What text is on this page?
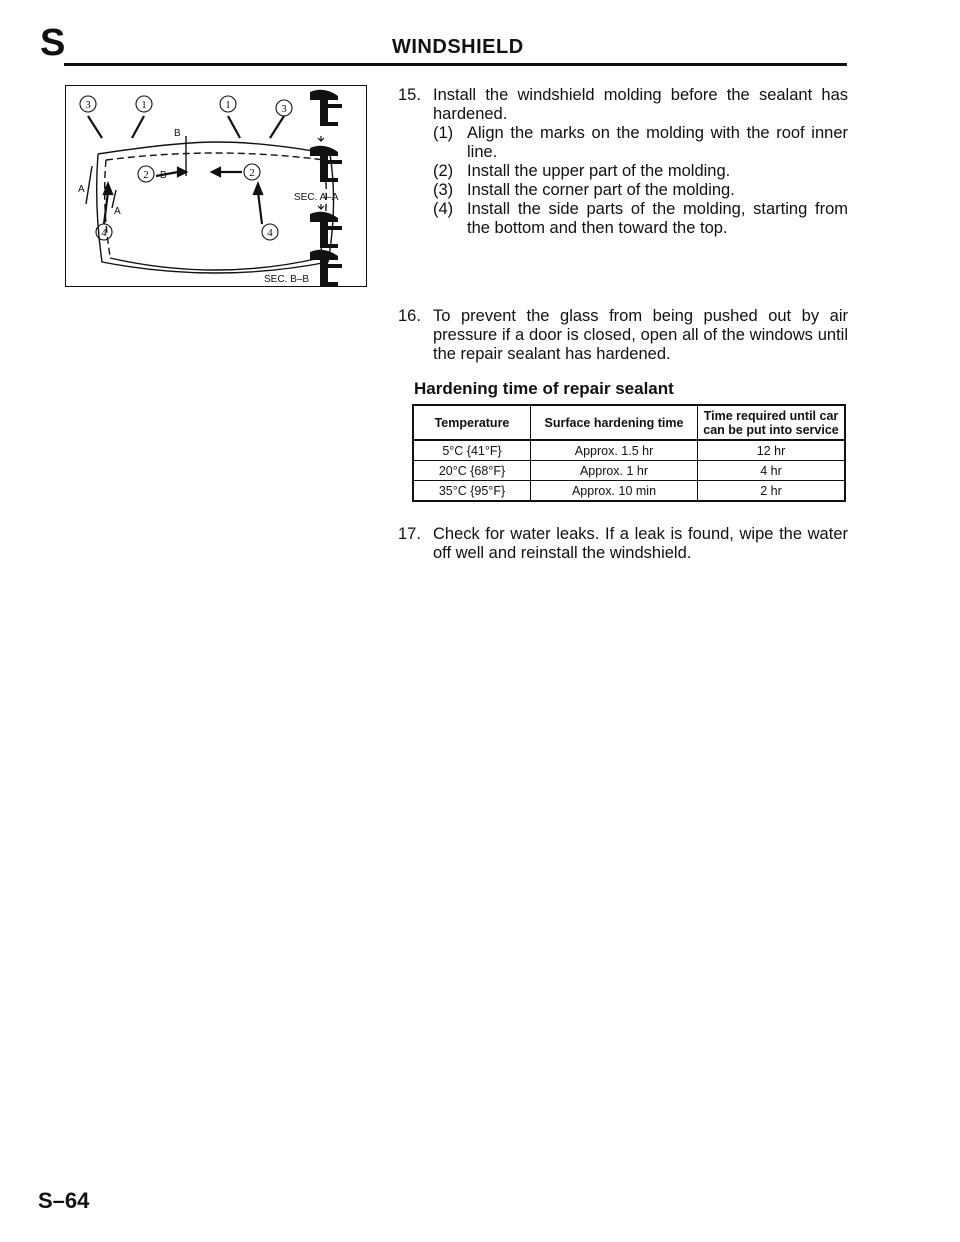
S	WINDSHIELD
3	1	1	3
2	2
4	4
B
B
A
A
SEC. A–A
SEC. B–B
15. Install the windshield molding before the sealant has hardened.
(1) Align the marks on the molding with the roof inner line.
(2) Install the upper part of the molding.
(3) Install the corner part of the molding.
(4) Install the side parts of the molding, starting from the bottom and then toward the top.
16. To prevent the glass from being pushed out by air pressure if a door is closed, open all of the windows until the repair sealant has hardened.
17. Check for water leaks. If a leak is found, wipe the water off well and reinstall the windshield.
Hardening time of repair sealant
Temperature	Surface hardening time	Time required until car can be put into service
5°C {41°F}	Approx. 1.5 hr	12 hr
20°C {68°F}	Approx. 1 hr	4 hr
35°C {95°F}	Approx. 10 min	2 hr
S–64
